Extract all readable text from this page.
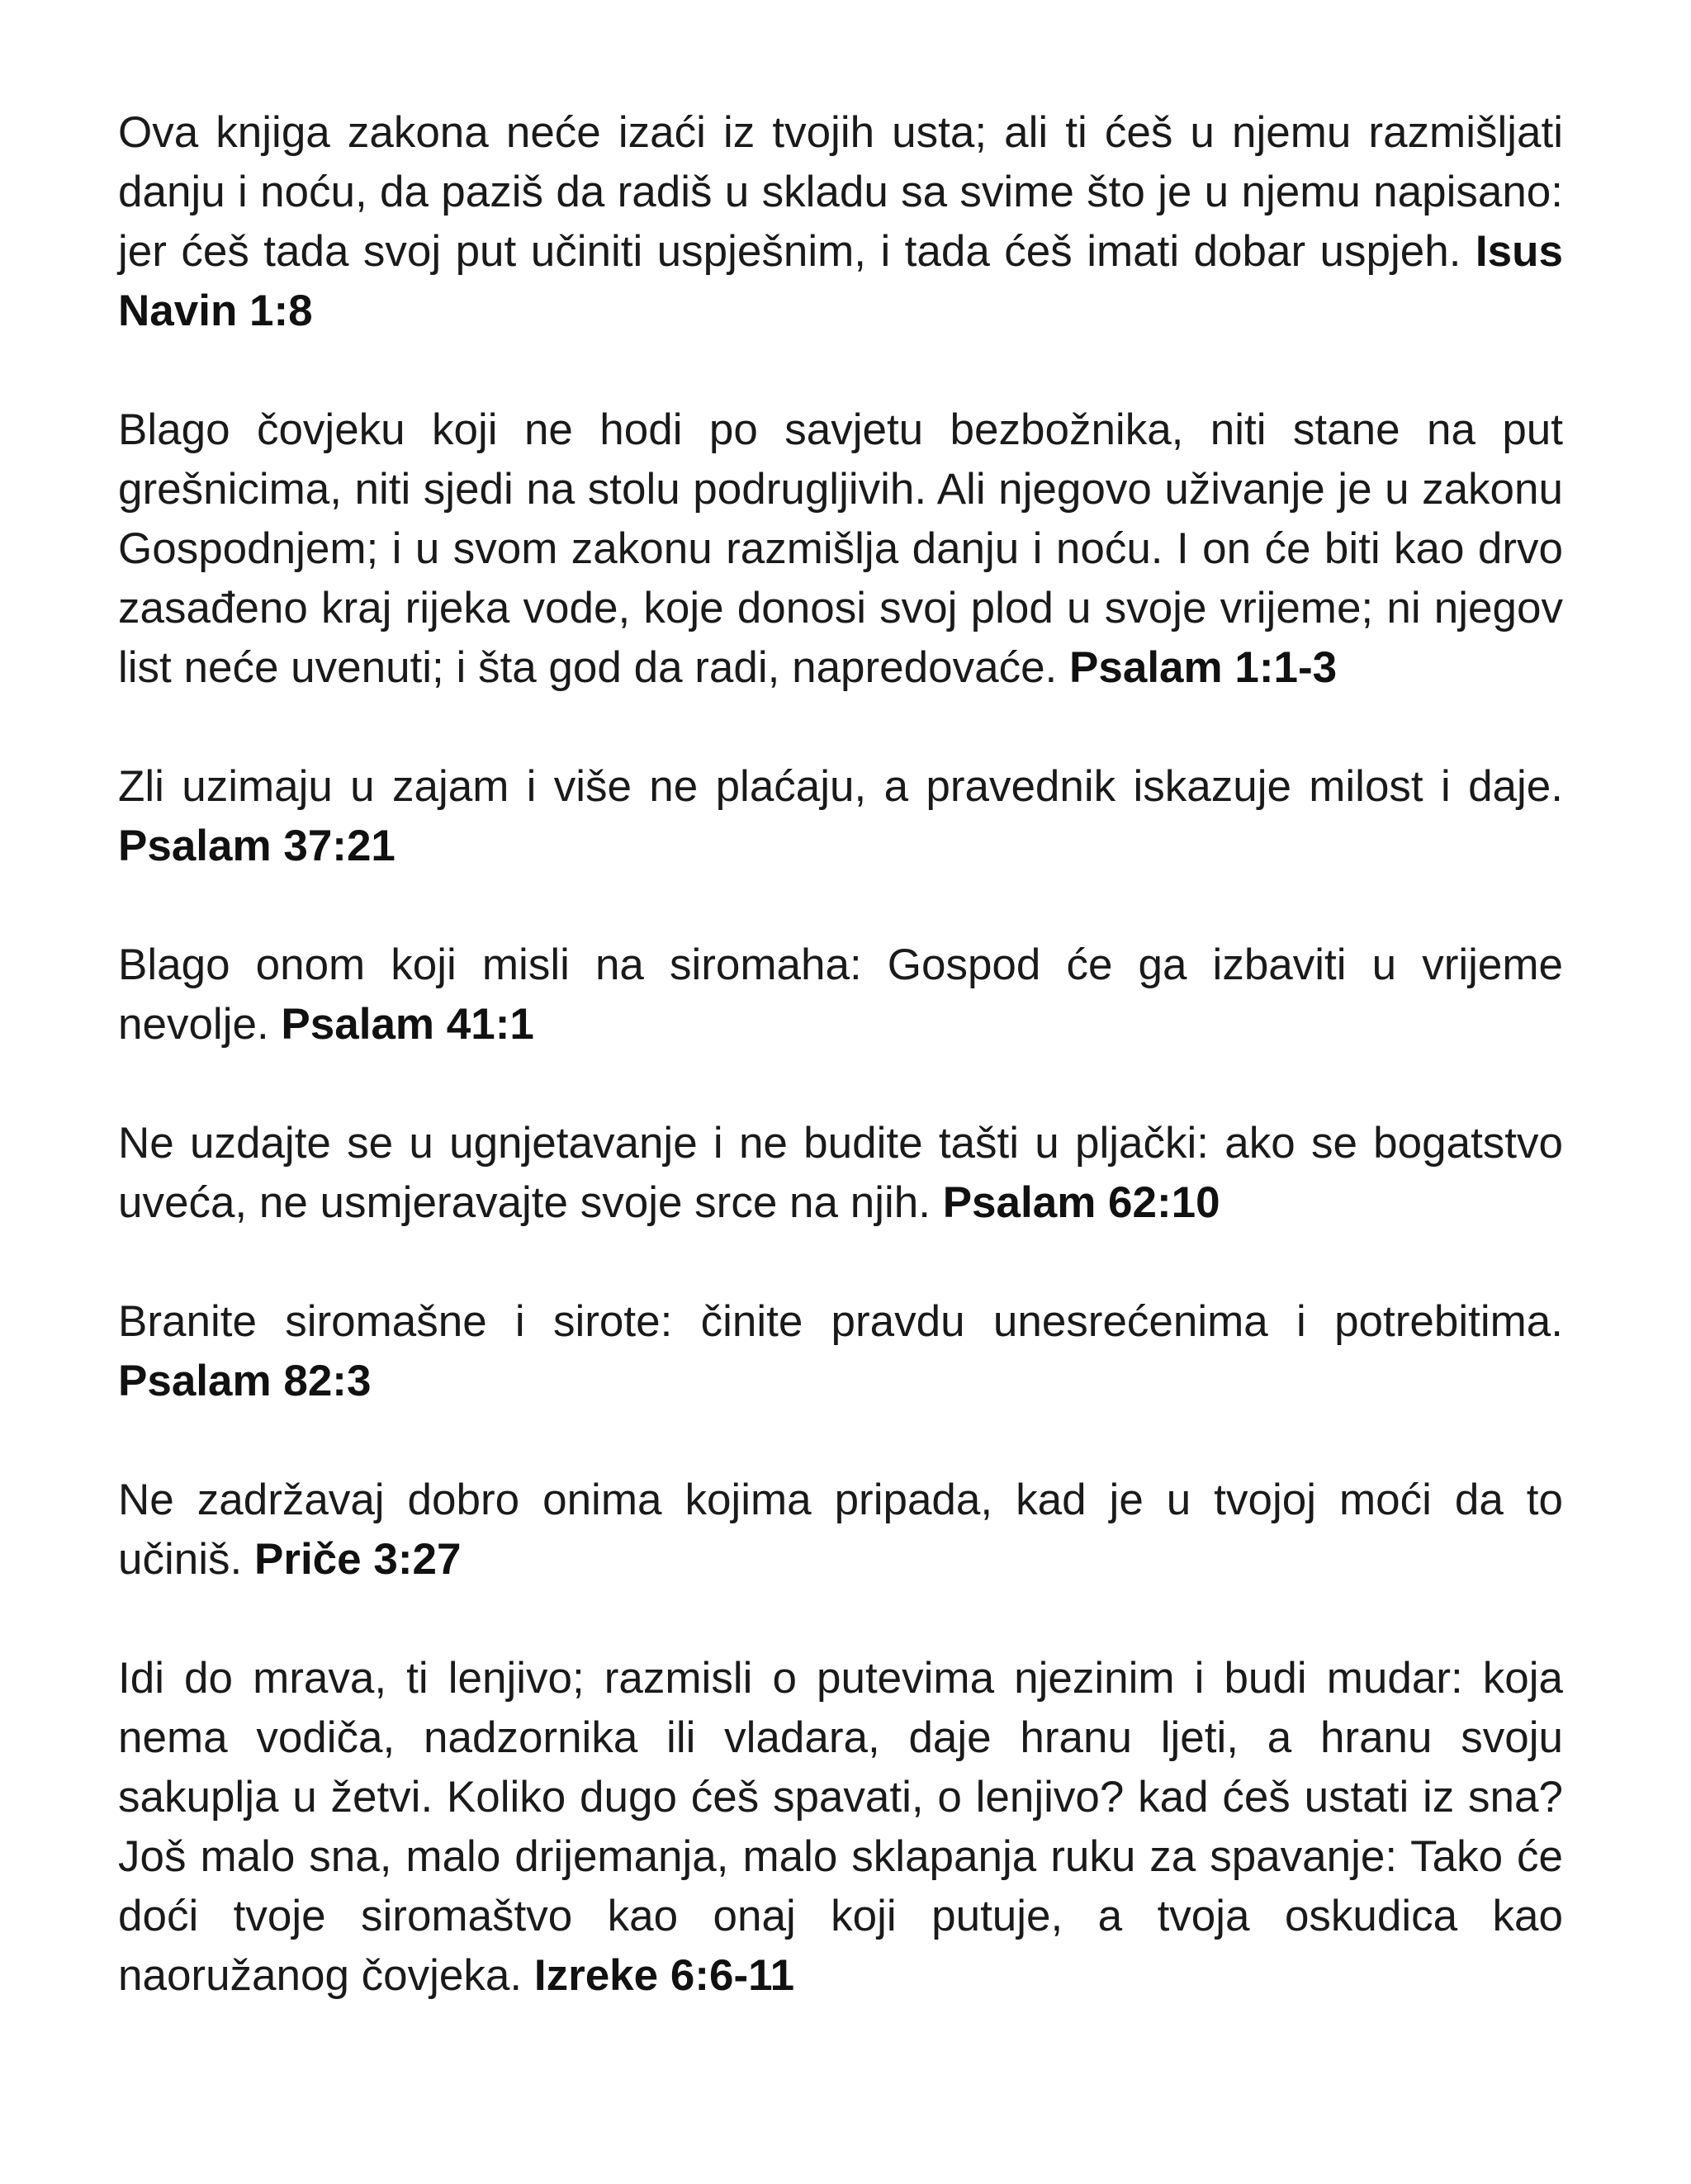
Ova knjiga zakona neće izaći iz tvojih usta; ali ti ćeš u njemu razmišljati danju i noću, da paziš da radiš u skladu sa svime što je u njemu napisano: jer ćeš tada svoj put učiniti uspješnim, i tada ćeš imati dobar uspjeh. Isus Navin 1:8

Blago čovjeku koji ne hodi po savjetu bezbožnika, niti stane na put grešnicima, niti sjedi na stolu podrugljivih. Ali njegovo uživanje je u zakonu Gospodnjem; i u svom zakonu razmišlja danju i noću. I on će biti kao drvo zasađeno kraj rijeka vode, koje donosi svoj plod u svoje vrijeme; ni njegov list neće uvenuti; i šta god da radi, napredovaće. Psalam 1:1-3

Zli uzimaju u zajam i više ne plaćaju, a pravednik iskazuje milost i daje. Psalam 37:21

Blago onom koji misli na siromaha: Gospod će ga izbaviti u vrijeme nevolje. Psalam 41:1

Ne uzdajte se u ugnjetavanje i ne budite tašti u pljački: ako se bogatstvo uveća, ne usmjeravajte svoje srce na njih. Psalam 62:10

Branite siromašne i sirote: činite pravdu unesrećenima i potrebitima. Psalam 82:3

Ne zadržavaj dobro onima kojima pripada, kad je u tvojoj moći da to učiniš. Priče 3:27

Idi do mrava, ti lenjivo; razmisli o putevima njezinim i budi mudar: koja nema vodiča, nadzornika ili vladara, daje hranu ljeti, a hranu svoju sakuplja u žetvi. Koliko dugo ćeš spavati, o lenjivo? kad ćeš ustati iz sna? Još malo sna, malo drijemanja, malo sklapanja ruku za spavanje: Tako će doći tvoje siromaštvo kao onaj koji putuje, a tvoja oskudica kao naoružanog čovjeka. Izreke 6:6-11
